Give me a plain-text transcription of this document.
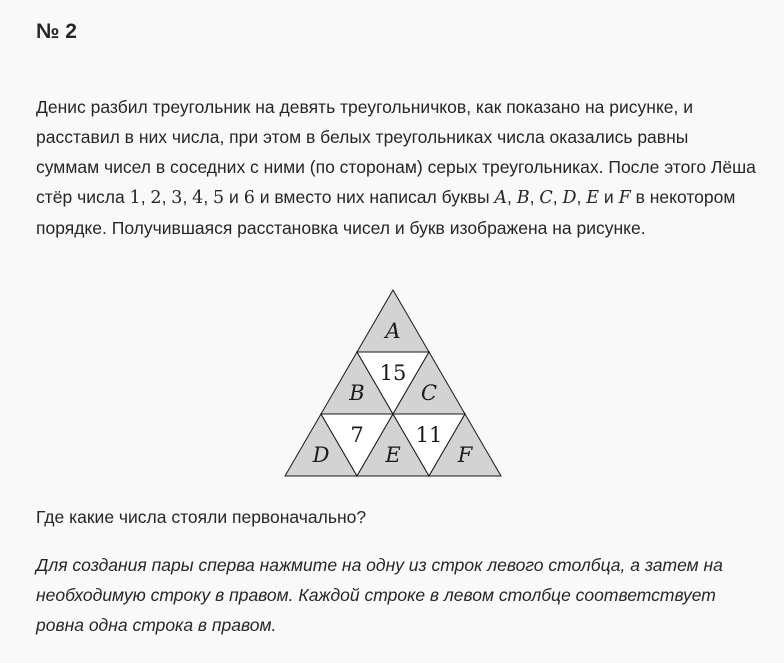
№ 2

Денис разбил треугольник на девять треугольничков, как показано на рисунке, и расставил в них числа, при этом в белых треугольниках числа оказались равны суммам чисел в соседних с ними (по сторонам) серых треугольниках. После этого Лёша стёр числа 1, 2, 3, 4, 5 и 6 и вместо них написал буквы A, B, C, D, E и F в некотором порядке. Получившаяся расстановка чисел и букв изображена на рисунке.

A
B
15
C
D
7
E
11
F

Где какие числа стояли первоначально?

Для создания пары сперва нажмите на одну из строк левого столбца, а затем на необходимую строку в правом. Каждой строке в левом столбце соответствует ровна одна строка в правом.
